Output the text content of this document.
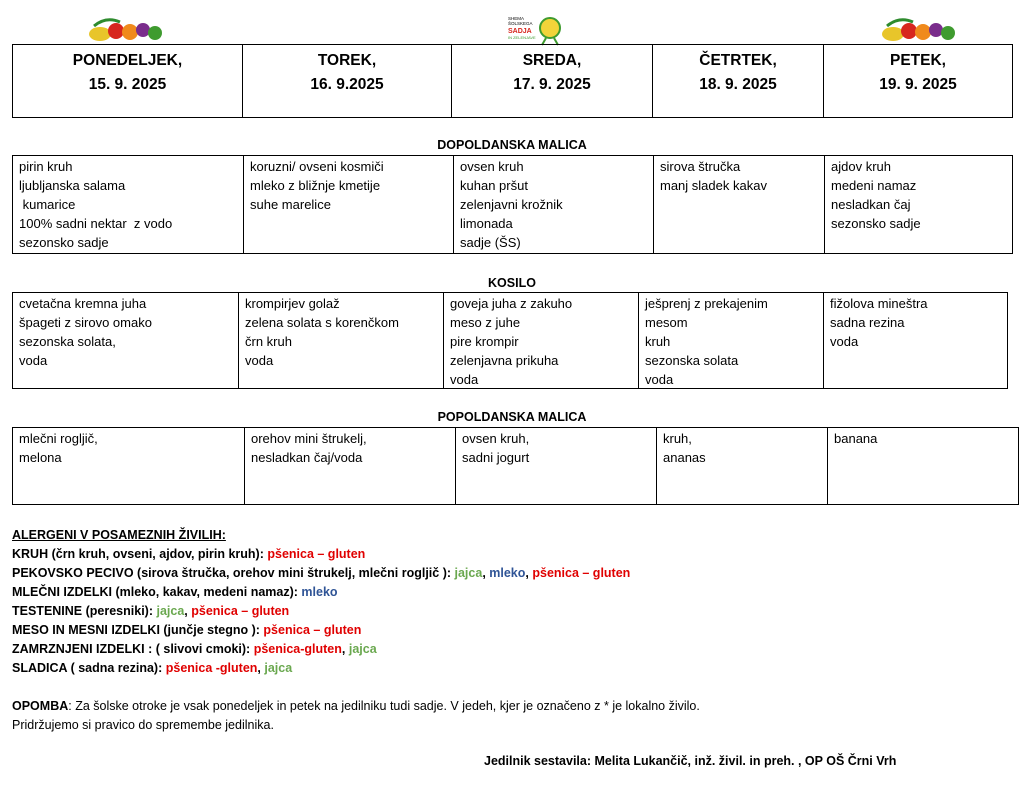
SHEMA
ŠOLSKEGA
SADJA
IN ZELENJAVE
PONEDELJEK,
15. 9. 2025
TOREK,
16. 9.2025
SREDA,
17. 9. 2025
ČETRTEK,
18. 9. 2025
PETEK,
19. 9. 2025
DOPOLDANSKA MALICA
pirin kruh
ljubljanska salama
kumarice
100% sadni nektar  z vodo
sezonsko sadje
koruzni/ ovseni kosmiči
mleko z bližnje kmetije
suhe marelice
ovsen kruh
kuhan pršut
zelenjavni krožnik
limonada
sadje (ŠS)
sirova štručka
manj sladek kakav
ajdov kruh
medeni namaz
nesladkan čaj
sezonsko sadje
KOSILO
cvetačna kremna juha
špageti z sirovo omako
sezonska solata,
voda
krompirjev golaž
zelena solata s korenčkom
črn kruh
voda
goveja juha z zakuho
meso z juhe
pire krompir
zelenjavna prikuha
voda
ješprenj z prekajenim
mesom
kruh
sezonska solata
voda
fižolova mineštra
sadna rezina
voda
POPOLDANSKA MALICA
mlečni rogljič,
melona
orehov mini štrukelj,
nesladkan čaj/voda
ovsen kruh,
sadni jogurt
kruh,
ananas
banana
ALERGENI V POSAMEZNIH ŽIVILIH:
KRUH (črn kruh, ovseni, ajdov, pirin kruh): pšenica – gluten
PEKOVSKO PECIVO (sirova štručka, orehov mini štrukelj, mlečni rogljič ): jajca, mleko, pšenica – gluten
MLEČNI IZDELKI (mleko, kakav, medeni namaz): mleko
TESTENINE (peresniki): jajca, pšenica – gluten
MESO IN MESNI IZDELKI (junčje stegno ): pšenica – gluten
ZAMRZNJENI IZDELKI : ( slivovi cmoki): pšenica-gluten, jajca
SLADICA ( sadna rezina): pšenica -gluten, jajca
OPOMBA: Za šolske otroke je vsak ponedeljek in petek na jedilniku tudi sadje. V jedeh, kjer je označeno z * je lokalno živilo.
Pridržujemo si pravico do spremembe jedilnika.
Jedilnik sestavila: Melita Lukančič, inž. živil. in preh. , OP OŠ Črni Vrh
